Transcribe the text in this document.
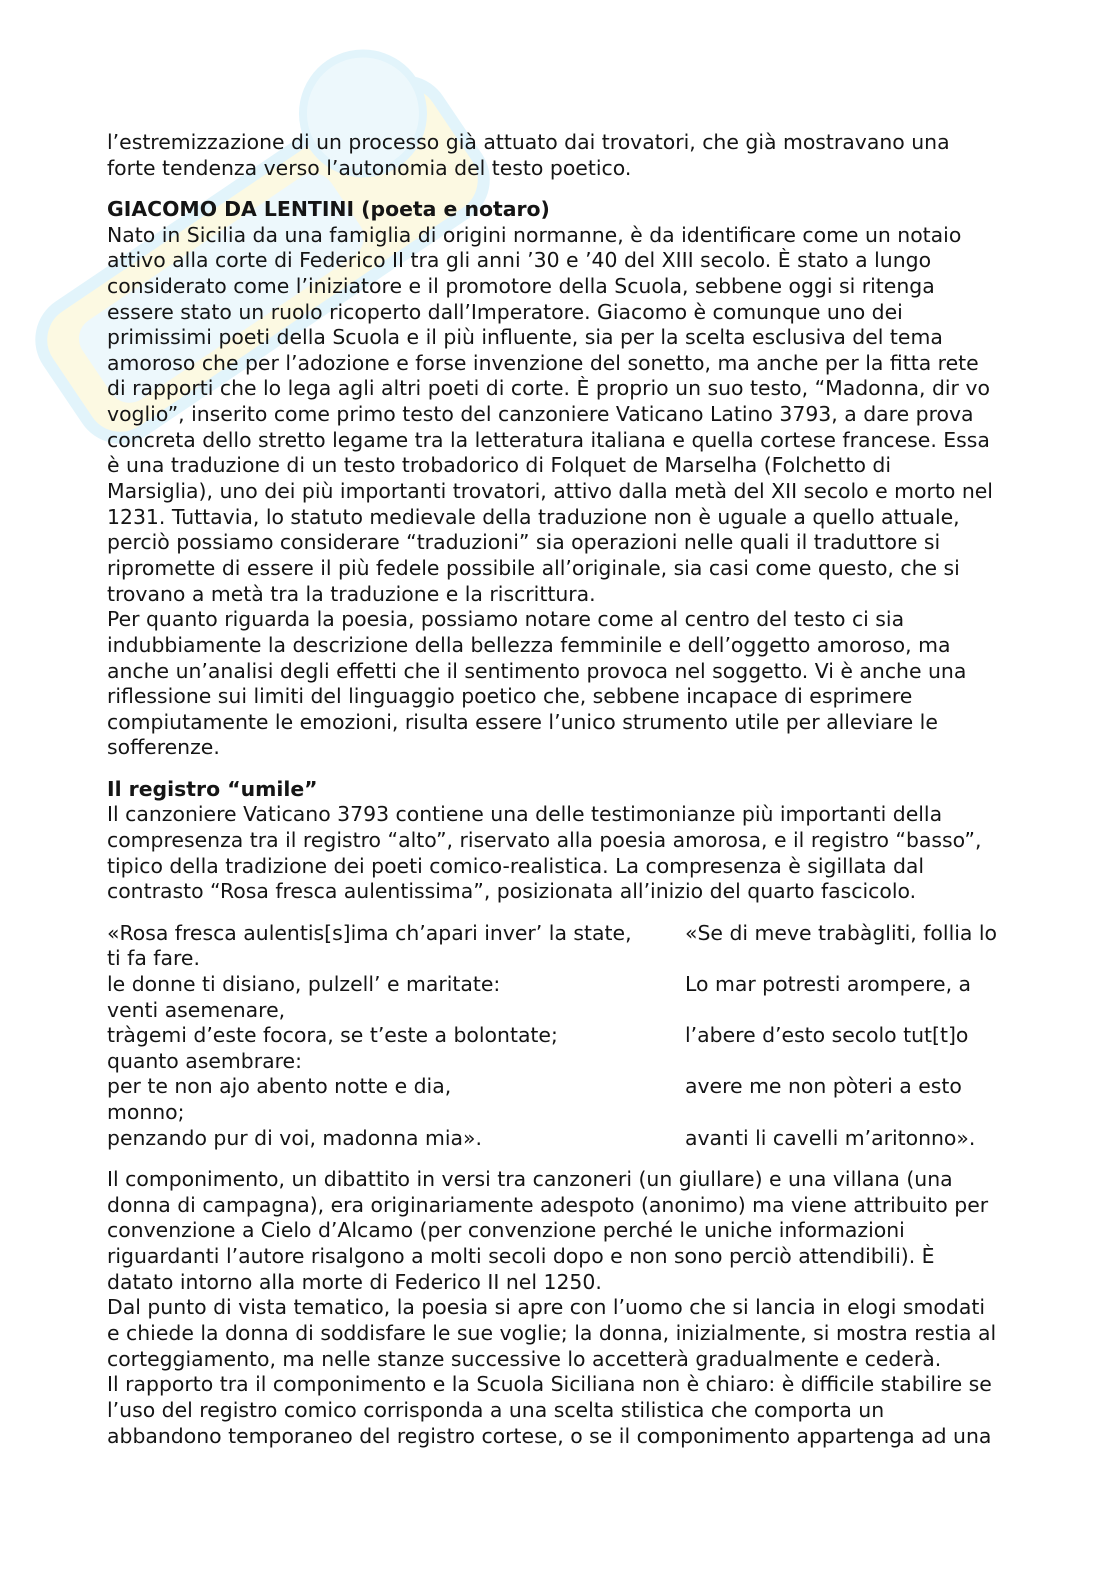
l’estremizzazione di un processo già attuato dai trovatori, che già mostravano una
forte tendenza verso l’autonomia del testo poetico.
GIACOMO DA LENTINI (poeta e notaro)
Nato in Sicilia da una famiglia di origini normanne, è da identificare come un notaio
attivo alla corte di Federico II tra gli anni ’30 e ’40 del XIII secolo. È stato a lungo
considerato come l’iniziatore e il promotore della Scuola, sebbene oggi si ritenga
essere stato un ruolo ricoperto dall’Imperatore. Giacomo è comunque uno dei
primissimi poeti della Scuola e il più influente, sia per la scelta esclusiva del tema
amoroso che per l’adozione e forse invenzione del sonetto, ma anche per la fitta rete
di rapporti che lo lega agli altri poeti di corte. È proprio un suo testo, “Madonna, dir vo
voglio”, inserito come primo testo del canzoniere Vaticano Latino 3793, a dare prova
concreta dello stretto legame tra la letteratura italiana e quella cortese francese. Essa
è una traduzione di un testo trobadorico di Folquet de Marselha (Folchetto di
Marsiglia), uno dei più importanti trovatori, attivo dalla metà del XII secolo e morto nel
1231. Tuttavia, lo statuto medievale della traduzione non è uguale a quello attuale,
perciò possiamo considerare “traduzioni” sia operazioni nelle quali il traduttore si
ripromette di essere il più fedele possibile all’originale, sia casi come questo, che si
trovano a metà tra la traduzione e la riscrittura.
Per quanto riguarda la poesia, possiamo notare come al centro del testo ci sia
indubbiamente la descrizione della bellezza femminile e dell’oggetto amoroso, ma
anche un’analisi degli effetti che il sentimento provoca nel soggetto. Vi è anche una
riflessione sui limiti del linguaggio poetico che, sebbene incapace di esprimere
compiutamente le emozioni, risulta essere l’unico strumento utile per alleviare le
sofferenze.
Il registro “umile”
Il canzoniere Vaticano 3793 contiene una delle testimonianze più importanti della
compresenza tra il registro “alto”, riservato alla poesia amorosa, e il registro “basso”,
tipico della tradizione dei poeti comico-realistica. La compresenza è sigillata dal
contrasto “Rosa fresca aulentissima”, posizionata all’inizio del quarto fascicolo.
«Rosa fresca aulentis[s]ima ch’apari inver’ la state,	«Se di meve trabàgliti, follia lo
ti fa fare.
le donne ti disiano, pulzell’ e maritate:	Lo mar potresti arompere, a
venti asemenare,
tràgemi d’este focora, se t’este a bolontate;	l’abere d’esto secolo tut[t]o
quanto asembrare:
per te non ajo abento notte e dia,	avere me non pòteri a esto
monno;
penzando pur di voi, madonna mia».	avanti li cavelli m’aritonno».
Il componimento, un dibattito in versi tra canzoneri (un giullare) e una villana (una
donna di campagna), era originariamente adespoto (anonimo) ma viene attribuito per
convenzione a Cielo d’Alcamo (per convenzione perché le uniche informazioni
riguardanti l’autore risalgono a molti secoli dopo e non sono perciò attendibili). È
datato intorno alla morte di Federico II nel 1250.
Dal punto di vista tematico, la poesia si apre con l’uomo che si lancia in elogi smodati
e chiede la donna di soddisfare le sue voglie; la donna, inizialmente, si mostra restia al
corteggiamento, ma nelle stanze successive lo accetterà gradualmente e cederà.
Il rapporto tra il componimento e la Scuola Siciliana non è chiaro: è difficile stabilire se
l’uso del registro comico corrisponda a una scelta stilistica che comporta un
abbandono temporaneo del registro cortese, o se il componimento appartenga ad una
